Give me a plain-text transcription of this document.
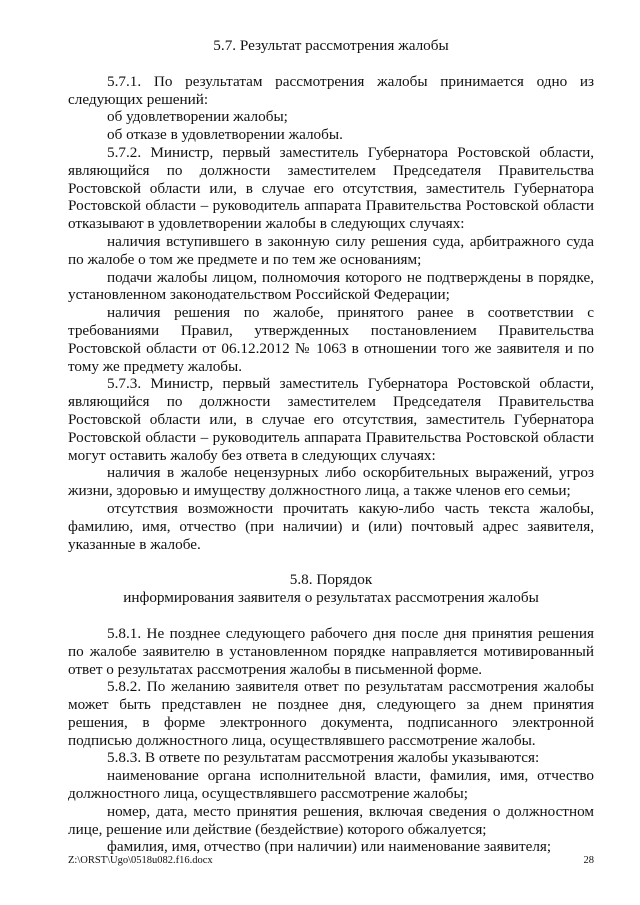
5.7. Результат рассмотрения жалобы

5.7.1. По результатам рассмотрения жалобы принимается одно из следующих решений:

об удовлетворении жалобы;

об отказе в удовлетворении жалобы.

5.7.2. Министр, первый заместитель Губернатора Ростовской области, являющийся по должности заместителем Председателя Правительства Ростовской области или, в случае его отсутствия, заместитель Губернатора Ростовской области – руководитель аппарата Правительства Ростовской области отказывают в удовлетворении жалобы в следующих случаях:

наличия вступившего в законную силу решения суда, арбитражного суда по жалобе о том же предмете и по тем же основаниям;

подачи жалобы лицом, полномочия которого не подтверждены в порядке, установленном законодательством Российской Федерации;

наличия решения по жалобе, принятого ранее в соответствии с требованиями Правил, утвержденных постановлением Правительства Ростовской области от 06.12.2012 № 1063 в отношении того же заявителя и по тому же предмету жалобы.

5.7.3. Министр, первый заместитель Губернатора Ростовской области, являющийся по должности заместителем Председателя Правительства Ростовской области или, в случае его отсутствия, заместитель Губернатора Ростовской области – руководитель аппарата Правительства Ростовской области могут оставить жалобу без ответа в следующих случаях:

наличия в жалобе нецензурных либо оскорбительных выражений, угроз жизни, здоровью и имуществу должностного лица, а также членов его семьи;

отсутствия возможности прочитать какую-либо часть текста жалобы, фамилию, имя, отчество (при наличии) и (или) почтовый адрес заявителя, указанные в жалобе.

5.8. Порядок
информирования заявителя о результатах рассмотрения жалобы

5.8.1. Не позднее следующего рабочего дня после дня принятия решения по жалобе заявителю в установленном порядке направляется мотивированный ответ о результатах рассмотрения жалобы в письменной форме.

5.8.2. По желанию заявителя ответ по результатам рассмотрения жалобы может быть представлен не позднее дня, следующего за днем принятия решения, в форме электронного документа, подписанного электронной подписью должностного лица, осуществлявшего рассмотрение жалобы.

5.8.3. В ответе по результатам рассмотрения жалобы указываются:

наименование органа исполнительной власти, фамилия, имя, отчество должностного лица, осуществлявшего рассмотрение жалобы;

номер, дата, место принятия решения, включая сведения о должностном лице, решение или действие (бездействие) которого обжалуется;

фамилия, имя, отчество (при наличии) или наименование заявителя;

Z:\ORST\Ugo\0518u082.f16.docx	28
